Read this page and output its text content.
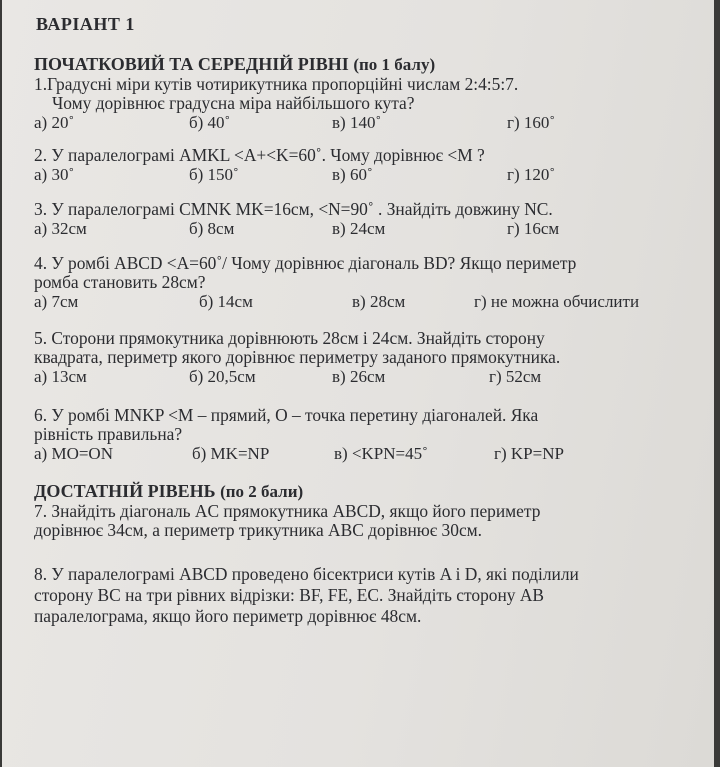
ВАРІАНТ 1
ПОЧАТКОВИЙ ТА СЕРЕДНІЙ РІВНІ (по 1 балу)
1.Градусні міри кутів чотирикутника пропорційні числам 2:4:5:7.
Чому дорівнює градусна міра найбільшого кута?
а) 20˚	б) 40˚	в) 140˚	г) 160˚
2. У паралелограмі AMKL <A+<K=60˚. Чому дорівнює <M ?
а) 30˚	б) 150˚	в) 60˚	г) 120˚
3. У паралелограмі CMNK MK=16см, <N=90˚ . Знайдіть довжину NC.
а) 32см	б) 8см	в) 24см	г) 16см
4. У ромбі ABCD <A=60˚/ Чому дорівнює діагональ BD? Якщо периметр
ромба становить 28см?
а) 7см	б) 14см	в) 28см	г) не можна обчислити
5. Сторони прямокутника дорівнюють 28см і 24см. Знайдіть сторону
квадрата, периметр якого дорівнює периметру заданого прямокутника.
а) 13см	б) 20,5см	в) 26см	г) 52см
6. У ромбі MNKP <M – прямий, O – точка перетину діагоналей. Яка
рівність правильна?
а) MO=ON	б) MK=NP	в) <KPN=45˚	г) KP=NP
ДОСТАТНІЙ РІВЕНЬ (по 2 бали)
7. Знайдіть діагональ AC прямокутника ABCD, якщо його периметр
дорівнює 34см, а периметр трикутника ABC дорівнює 30см.
8. У паралелограмі ABCD проведено бісектриси кутів A і D, які поділили
сторону BC на три рівних відрізки: BF, FE, EC. Знайдіть сторону AB
паралелограма, якщо його периметр дорівнює 48см.
